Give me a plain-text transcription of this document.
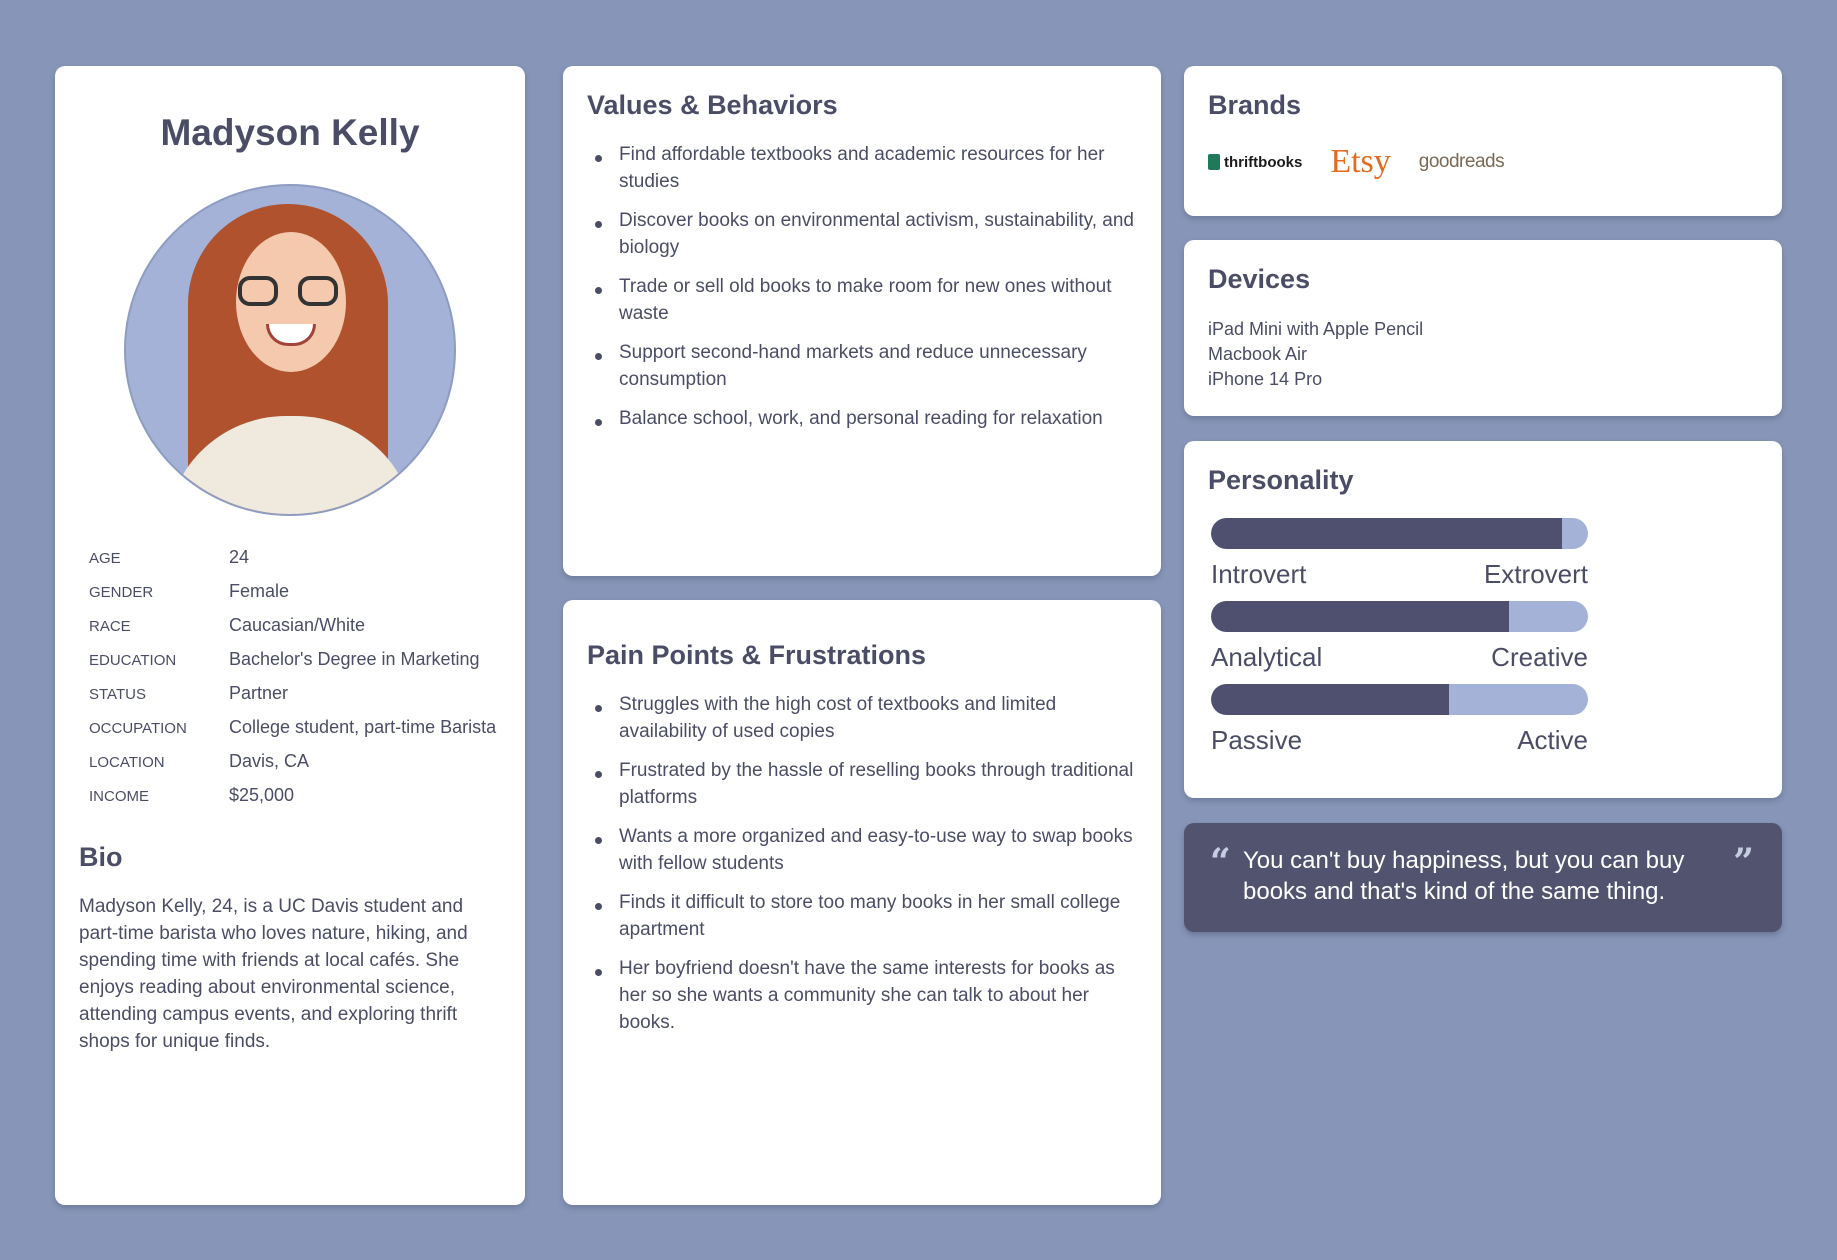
Madyson Kelly
AGE	24
GENDER	Female
RACE	Caucasian/White
EDUCATION	Bachelor's Degree in Marketing
STATUS	Partner
OCCUPATION	College student, part-time Barista
LOCATION	Davis, CA
INCOME	$25,000
Bio
Madyson Kelly, 24, is a UC Davis student and part-time barista who loves nature, hiking, and spending time with friends at local cafés. She enjoys reading about environmental science, attending campus events, and exploring thrift shops for unique finds.
Values & Behaviors
Find affordable textbooks and academic resources for her studies
Discover books on environmental activism, sustainability, and biology
Trade or sell old books to make room for new ones without waste
Support second-hand markets and reduce unnecessary consumption
Balance school, work, and personal reading for relaxation
Pain Points & Frustrations
Struggles with the high cost of textbooks and limited availability of used copies
Frustrated by the hassle of reselling books through traditional platforms
Wants a more organized and easy-to-use way to swap books with fellow students
Finds it difficult to store too many books in her small college apartment
Her boyfriend doesn't have the same interests for books as her so she wants a community she can talk to about her books.
Brands
thriftbooks Etsy goodreads
Devices
iPad Mini with Apple Pencil
Macbook Air
iPhone 14 Pro
Personality
Introvert	Extrovert
Analytical	Creative
Passive	Active
“ You can't buy happiness, but you can buy books and that's kind of the same thing.
”
